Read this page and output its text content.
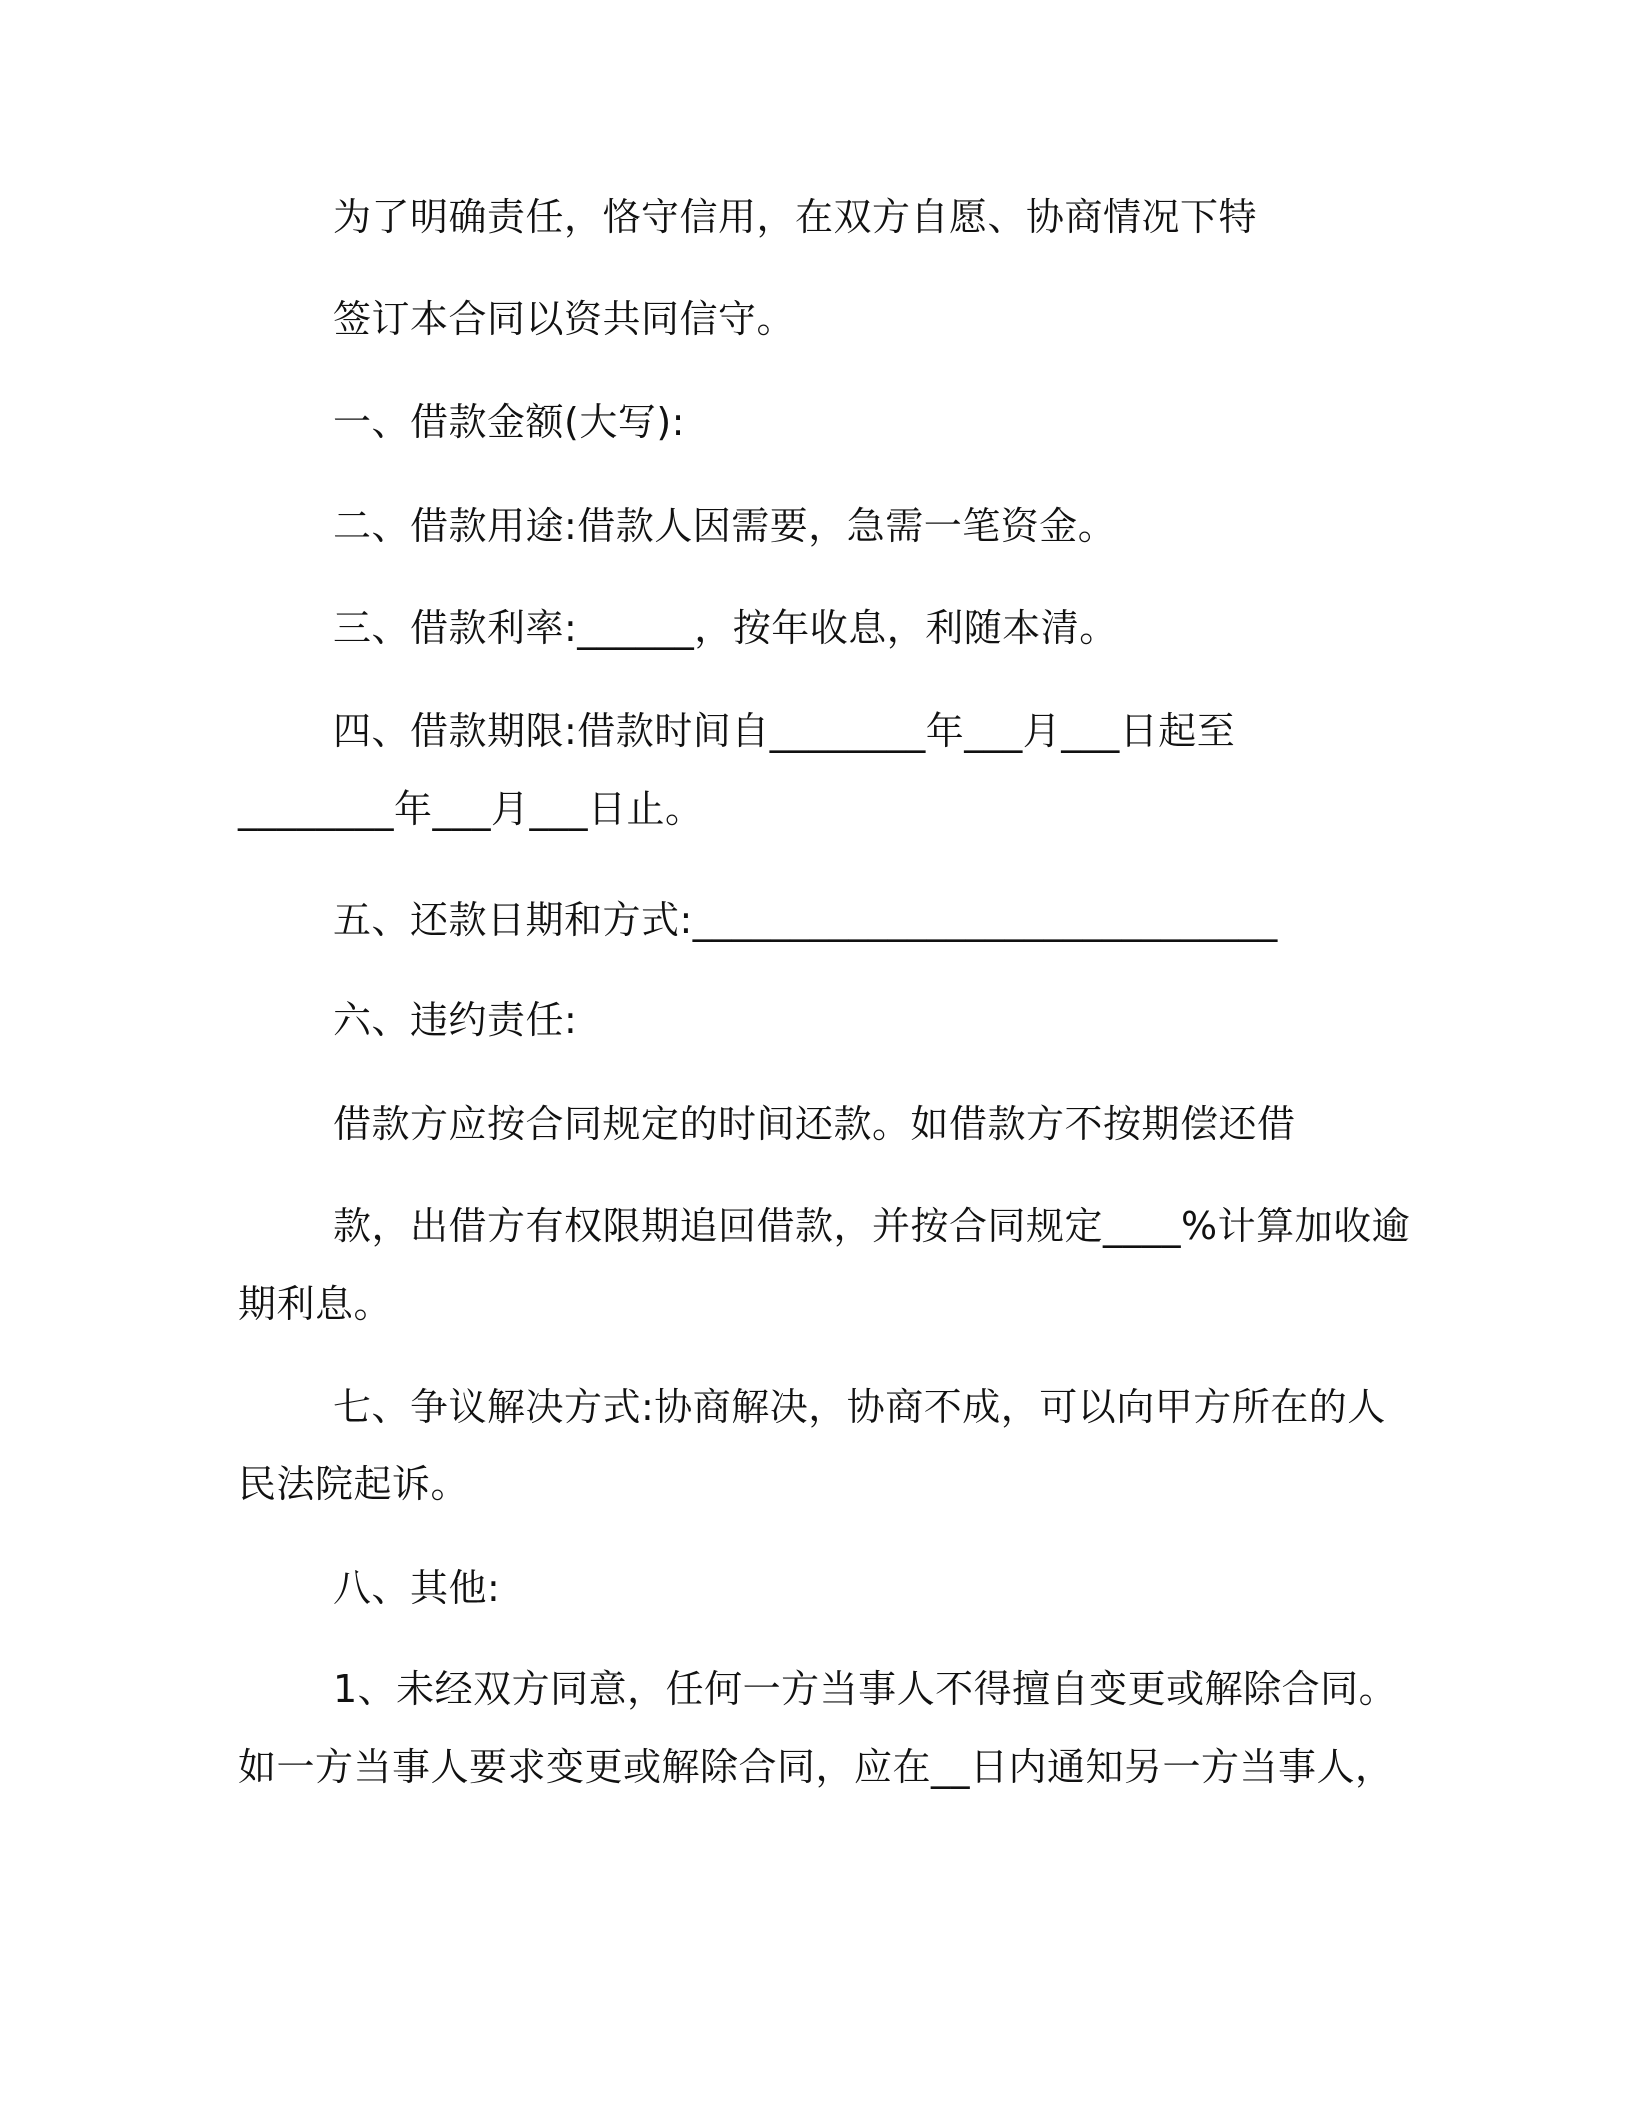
为了明确责任，恪守信用，在双方自愿、协商情况下特

签订本合同以资共同信守。

一、借款金额(大写):

二、借款用途:借款人因需要，急需一笔资金。

三、借款利率:______，按年收息，利随本清。

四、借款期限:借款时间自________年___月___日起至

________年___月___日止。

五、还款日期和方式:______________________________

六、违约责任:

借款方应按合同规定的时间还款。如借款方不按期偿还借

款，出借方有权限期追回借款，并按合同规定____%计算加收逾

期利息。

七、争议解决方式:协商解决，协商不成，可以向甲方所在的人

民法院起诉。

八、其他:

1、未经双方同意，任何一方当事人不得擅自变更或解除合同。

如一方当事人要求变更或解除合同，应在__日内通知另一方当事人，
